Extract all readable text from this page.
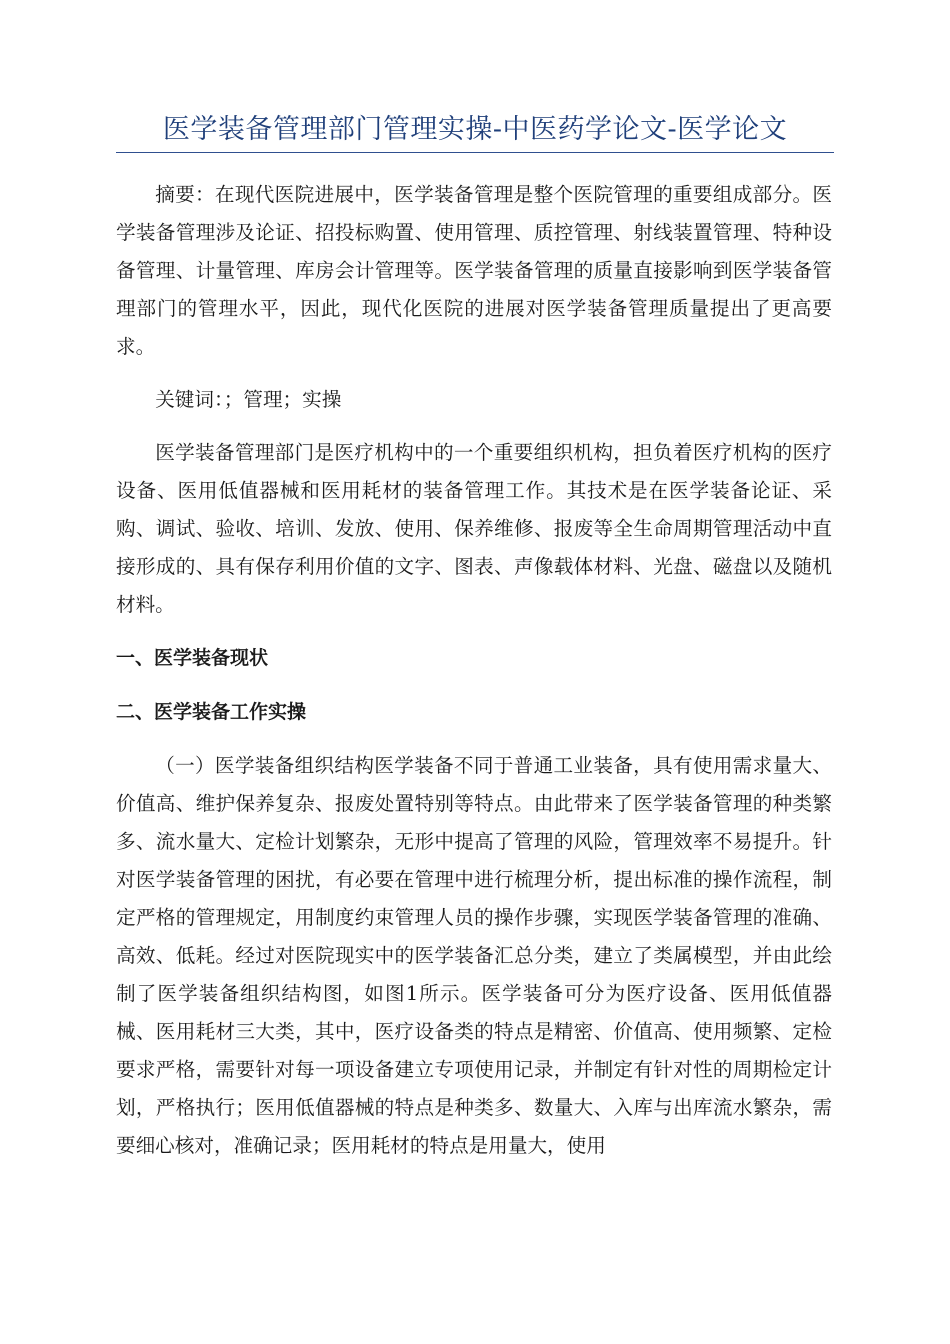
医学装备管理部门管理实操-中医药学论文-医学论文

摘要：在现代医院进展中，医学装备管理是整个医院管理的重要组成部分。医学装备管理涉及论证、招投标购置、使用管理、质控管理、射线装置管理、特种设备管理、计量管理、库房会计管理等。医学装备管理的质量直接影响到医学装备管理部门的管理水平，因此，现代化医院的进展对医学装备管理质量提出了更高要求。

关键词：；管理；实操

医学装备管理部门是医疗机构中的一个重要组织机构，担负着医疗机构的医疗设备、医用低值器械和医用耗材的装备管理工作。其技术是在医学装备论证、采购、调试、验收、培训、发放、使用、保养维修、报废等全生命周期管理活动中直接形成的、具有保存利用价值的文字、图表、声像载体材料、光盘、磁盘以及随机材料。

一、医学装备现状

二、医学装备工作实操

（一）医学装备组织结构医学装备不同于普通工业装备，具有使用需求量大、价值高、维护保养复杂、报废处置特别等特点。由此带来了医学装备管理的种类繁多、流水量大、定检计划繁杂，无形中提高了管理的风险，管理效率不易提升。针对医学装备管理的困扰，有必要在管理中进行梳理分析，提出标准的操作流程，制定严格的管理规定，用制度约束管理人员的操作步骤，实现医学装备管理的准确、高效、低耗。经过对医院现实中的医学装备汇总分类，建立了类属模型，并由此绘制了医学装备组织结构图，如图1所示。医学装备可分为医疗设备、医用低值器械、医用耗材三大类，其中，医疗设备类的特点是精密、价值高、使用频繁、定检要求严格，需要针对每一项设备建立专项使用记录，并制定有针对性的周期检定计划，严格执行；医用低值器械的特点是种类多、数量大、入库与出库流水繁杂，需要细心核对，准确记录；医用耗材的特点是用量大，使用
